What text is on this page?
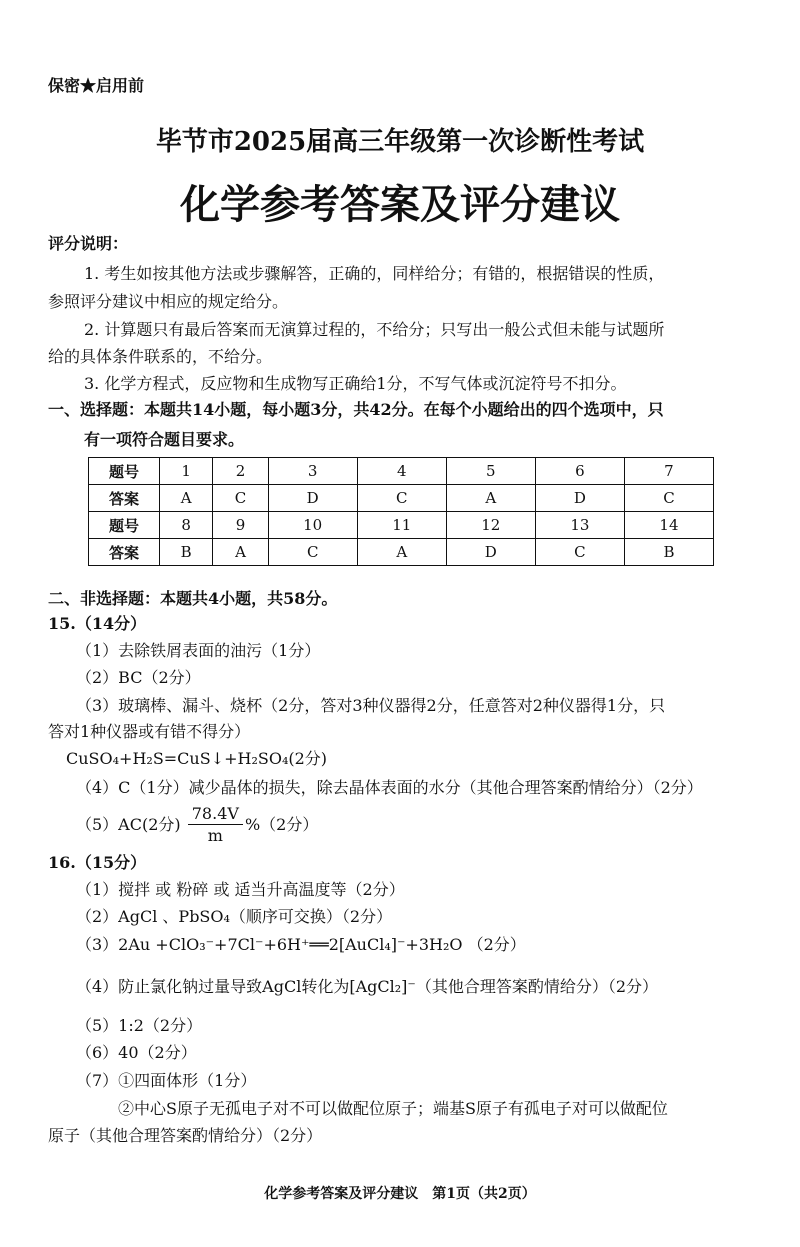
保密★启用前
毕节市2025届高三年级第一次诊断性考试
化学参考答案及评分建议
评分说明：
1. 考生如按其他方法或步骤解答，正确的，同样给分；有错的，根据错误的性质，
参照评分建议中相应的规定给分。
2. 计算题只有最后答案而无演算过程的，不给分；只写出一般公式但未能与试题所
给的具体条件联系的，不给分。
3. 化学方程式，反应物和生成物写正确给1分，不写气体或沉淀符号不扣分。
一、选择题：本题共14小题，每小题3分，共42分。在每个小题给出的四个选项中，只
有一项符合题目要求。
题号	1	2	3	4	5	6	7
答案	A	C	D	C	A	D	C
题号	8	9	10	11	12	13	14
答案	B	A	C	A	D	C	B
二、非选择题：本题共4小题，共58分。
15.（14分）
（1）去除铁屑表面的油污（1分）
（2）BC（2分）
（3）玻璃棒、漏斗、烧杯（2分，答对3种仪器得2分，任意答对2种仪器得1分，只
答对1种仪器或有错不得分）
CuSO₄+H₂S=CuS↓+H₂SO₄(2分)
（4）C（1分）减少晶体的损失，除去晶体表面的水分（其他合理答案酌情给分）（2分）
（5）AC(2分) $\frac{78.4V}{m} \%(2$分）
16.（15分）
（1）搅拌 或 粉碎 或 适当升高温度等（2分）
（2）AgCl 、PbSO₄（顺序可交换）（2分）
（3）2Au +ClO₃⁻+7Cl⁻+6H⁺══2[AuCl₄]⁻+3H₂O （2分）
（4）防止氯化钠过量导致AgCl转化为[AgCl₂]⁻（其他合理答案酌情给分）（2分）
（5）1:2（2分）
（6）40（2分）
（7）①四面体形（1分）
②中心S原子无孤电子对不可以做配位原子；端基S原子有孤电子对可以做配位
原子（其他合理答案酌情给分）（2分）
化学参考答案及评分建议　第1页（共2页）
